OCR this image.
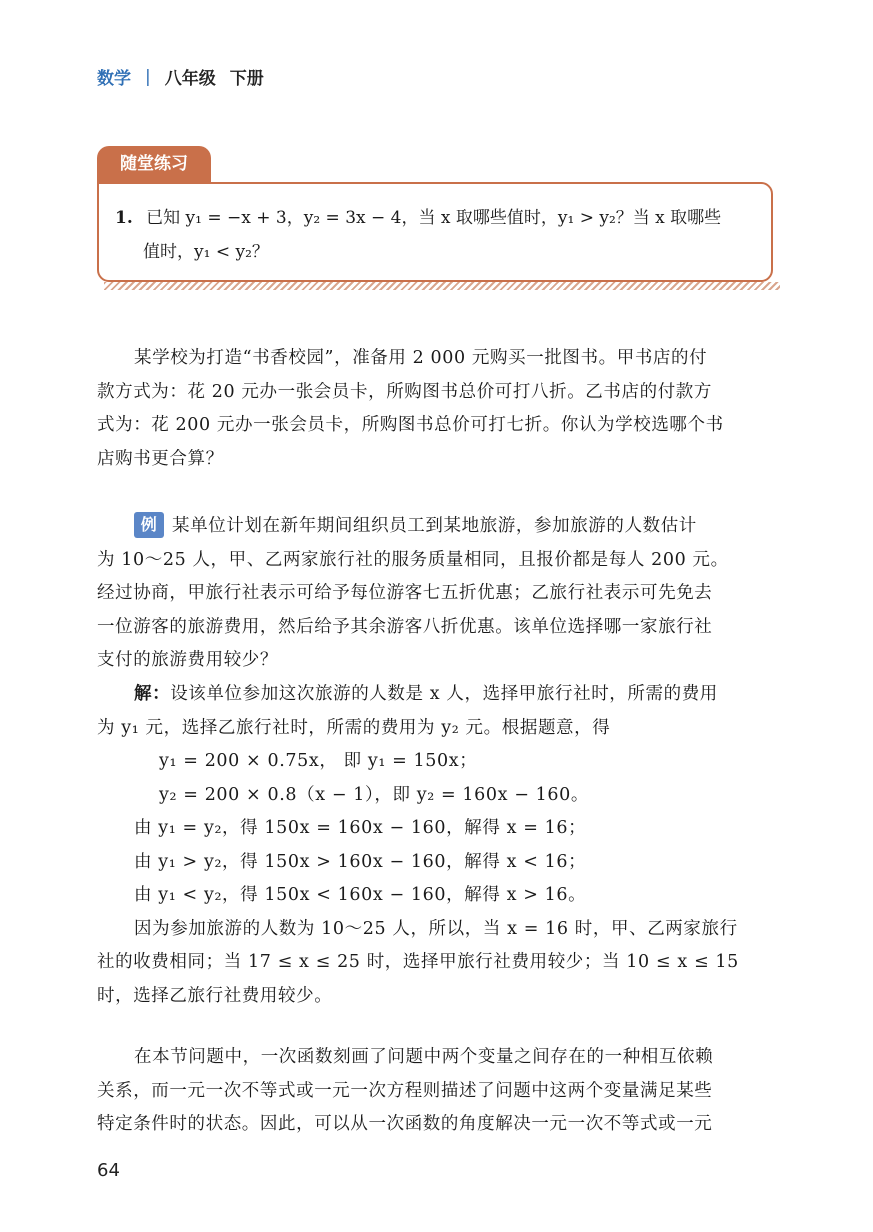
数学 | 八年级 下册
随堂练习
1. 已知 y₁ = −x + 3，y₂ = 3x − 4，当 x 取哪些值时，y₁ > y₂？当 x 取哪些
值时，y₁ < y₂？
某学校为打造“书香校园”，准备用 2 000 元购买一批图书。甲书店的付
款方式为：花 20 元办一张会员卡，所购图书总价可打八折。乙书店的付款方
式为：花 200 元办一张会员卡，所购图书总价可打七折。你认为学校选哪个书
店购书更合算？
例 某单位计划在新年期间组织员工到某地旅游，参加旅游的人数估计
为 10～25 人，甲、乙两家旅行社的服务质量相同，且报价都是每人 200 元。
经过协商，甲旅行社表示可给予每位游客七五折优惠；乙旅行社表示可先免去
一位游客的旅游费用，然后给予其余游客八折优惠。该单位选择哪一家旅行社
支付的旅游费用较少？
解：设该单位参加这次旅游的人数是 x 人，选择甲旅行社时，所需的费用
为 y₁ 元，选择乙旅行社时，所需的费用为 y₂ 元。根据题意，得
y₁ = 200 × 0.75x， 即 y₁ = 150x；
y₂ = 200 × 0.8（x − 1），即 y₂ = 160x − 160。
由 y₁ = y₂，得 150x = 160x − 160，解得 x = 16；
由 y₁ > y₂，得 150x > 160x − 160，解得 x < 16；
由 y₁ < y₂，得 150x < 160x − 160，解得 x > 16。
因为参加旅游的人数为 10～25 人，所以，当 x = 16 时，甲、乙两家旅行
社的收费相同；当 17 ≤ x ≤ 25 时，选择甲旅行社费用较少；当 10 ≤ x ≤ 15
时，选择乙旅行社费用较少。
在本节问题中，一次函数刻画了问题中两个变量之间存在的一种相互依赖
关系，而一元一次不等式或一元一次方程则描述了问题中这两个变量满足某些
特定条件时的状态。因此，可以从一次函数的角度解决一元一次不等式或一元
64
